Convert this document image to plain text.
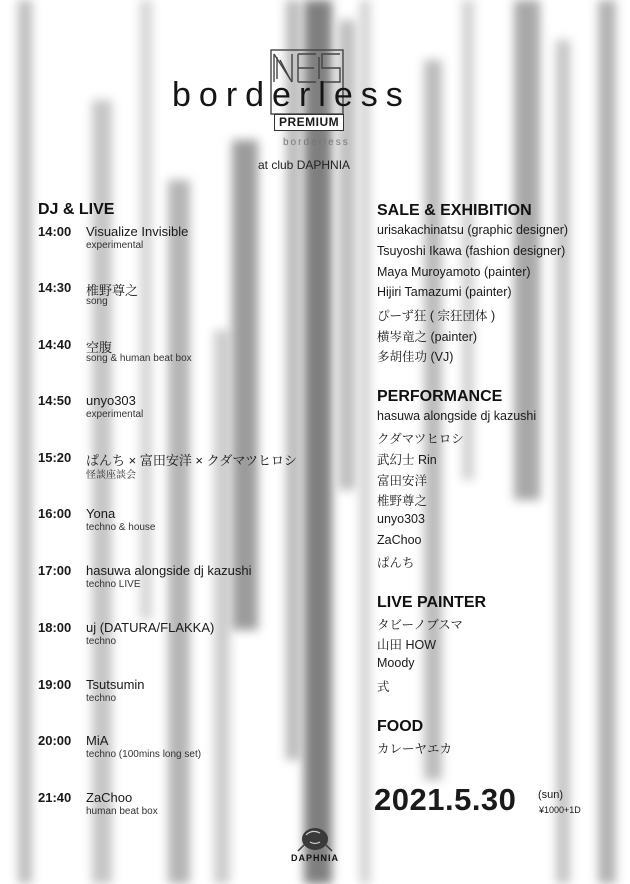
borderless
PREMIUM
borderless
at club DAPHNIA
DJ & LIVE
14:00 Visualize Invisible
experimental
14:30 椎野尊之
song
14:40 空腹
song & human beat box
14:50 unyo303
experimental
15:20 ぱんち × 富田安洋 × クダマツヒロシ
怪談座談会
16:00 Yona
techno & house
17:00 hasuwa alongside dj kazushi
techno LIVE
18:00 uj (DATURA/FLAKKA)
techno
19:00 Tsutsumin
techno
20:00 MiA
techno (100mins long set)
21:40 ZaChoo
human beat box
SALE & EXHIBITION
urisakachinatsu (graphic designer)
Tsuyoshi Ikawa (fashion designer)
Maya Muroyamoto (painter)
Hijiri Tamazumi (painter)
ぴーず狂 ( 宗狂団体 )
横岑竜之 (painter)
多胡佳功 (VJ)
PERFORMANCE
hasuwa alongside dj kazushi
クダマツヒロシ
武幻士 Rin
富田安洋
椎野尊之
unyo303
ZaChoo
ぱんち
LIVE PAINTER
タビーノブスマ
山田 HOW
Moody
式
FOOD
カレーヤエカ
2021.5.30 (sun)
¥1000+1D
DAPHNIA
